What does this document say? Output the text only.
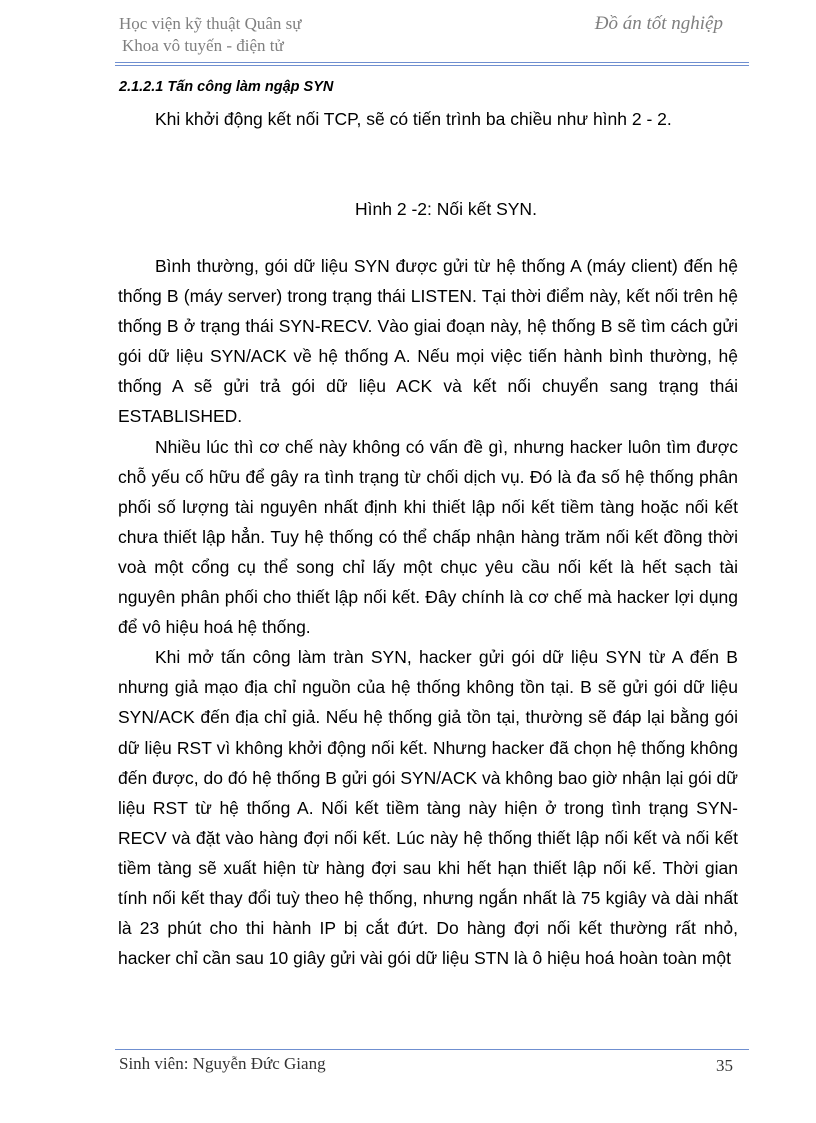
Học viện kỹ thuật Quân sự
Khoa vô tuyến - điện tử
Đồ án tốt nghiệp
2.1.2.1 Tấn công làm ngập SYN
Khi khởi động kết nối TCP, sẽ có tiến trình ba chiều như hình 2 - 2.
Hình 2 -2: Nối kết SYN.

Bình thường, gói dữ liệu SYN được gửi từ hệ thống A (máy client) đến hệ thống B (máy server) trong trạng thái LISTEN. Tại thời điểm này, kết nối trên hệ thống B ở trạng thái SYN-RECV. Vào giai đoạn này, hệ thống B sẽ tìm cách gửi gói dữ liệu SYN/ACK về hệ thống A. Nếu mọi việc tiến hành bình thường, hệ thống A sẽ gửi trả gói dữ liệu ACK và kết nối chuyển sang trạng thái ESTABLISHED.

Nhiều lúc thì cơ chế này không có vấn đề gì, nhưng hacker luôn tìm được chỗ yếu cố hữu để gây ra tình trạng từ chối dịch vụ. Đó là đa số hệ thống phân phối số lượng tài nguyên nhất định khi thiết lập nối kết tiềm tàng hoặc nối kết chưa thiết lập hẳn. Tuy hệ thống có thể chấp nhận hàng trăm nối kết đồng thời voà một cổng cụ thể song chỉ lấy một chục yêu cầu nối kết là hết sạch tài nguyên phân phối cho thiết lập nối kết. Đây chính là cơ chế mà hacker lợi dụng để vô hiệu hoá hệ thống.

Khi mở tấn công làm tràn SYN, hacker gửi gói dữ liệu SYN từ A đến B nhưng giả mạo địa chỉ nguồn của hệ thống không tồn tại. B sẽ gửi gói dữ liệu SYN/ACK đến địa chỉ giả. Nếu hệ thống giả tồn tại, thường sẽ đáp lại bằng gói dữ liệu RST vì không khởi động nối kết. Nhưng hacker đã chọn hệ thống không đến được, do đó hệ thống B gửi gói SYN/ACK và không bao giờ nhận lại gói dữ liệu RST từ hệ thống A. Nối kết tiềm tàng này hiện ở trong tình trạng SYN-RECV và đặt vào hàng đợi nối kết. Lúc này hệ thống thiết lập nối kết và nối kết tiềm tàng sẽ xuất hiện từ hàng đợi sau khi hết hạn thiết lập nối kế. Thời gian tính nối kết thay đổi tuỳ theo hệ thống, nhưng ngắn nhất là 75 kgiây và dài nhất là 23 phút cho thi hành IP bị cắt đứt. Do hàng đợi nối kết thường rất nhỏ, hacker chỉ cần sau 10 giây gửi vài gói dữ liệu STN là ô hiệu hoá hoàn toàn một

Sinh viên: Nguyễn Đức Giang	35
